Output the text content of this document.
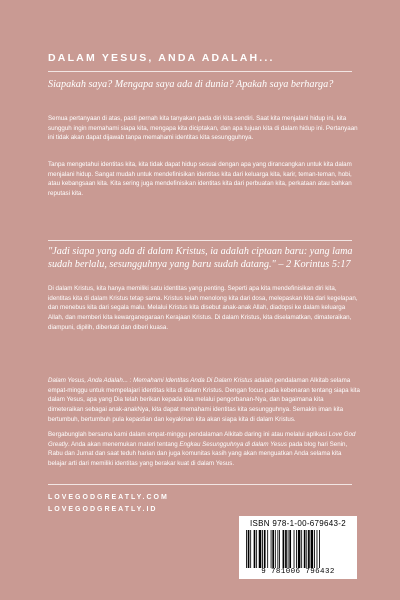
DALAM YESUS, ANDA ADALAH...
Siapakah saya? Mengapa saya ada di dunia? Apakah saya berharga?

Semua pertanyaan di atas, pasti pernah kita tanyakan pada diri kita sendiri. Saat kita menjalani hidup ini, kita sungguh ingin memahami siapa kita, mengapa kita diciptakan, dan apa tujuan kita di dalam hidup ini. Pertanyaan ini tidak akan dapat dijawab tanpa memahami identitas kita sesungguhnya.

Tanpa mengetahui identitas kita, kita tidak dapat hidup sesuai dengan apa yang dirancangkan untuk kita dalam menjalani hidup. Sangat mudah untuk mendefinisikan identitas kita dari keluarga kita, karir, teman-teman, hobi, atau kebangsaan kita. Kita sering juga mendefinisikan identitas kita dari perbuatan kita, perkataan atau bahkan reputasi kita.

"Jadi siapa yang ada di dalam Kristus, ia adalah ciptaan baru: yang lama sudah berlalu, sesungguhnya yang baru sudah datang." – 2 Korintus 5:17

Di dalam Kristus, kita hanya memiliki satu identitas yang penting. Seperti apa kita mendefinisikan diri kita, identitas kita di dalam Kristus tetap sama. Kristus telah menolong kita dari dosa, melepaskan kita dari kegelapan, dan menebus kita dari segala malu. Melalui Kristus kita disebut anak-anak Allah, diadopsi ke dalam keluarga Allah, dan memberi kita kewarganegaraan Kerajaan Kristus. Di dalam Kristus, kita diselamatkan, dimateraikan, diampuni, dipilih, diberkati dan diberi kuasa.

Dalam Yesus, Anda Adalah... : Memahami Identitas Anda Di Dalam Kristus adalah pendalaman Alkitab selama empat-minggu untuk mempelajari identitas kita di dalam Kristus. Dengan focus pada kebenaran tentang siapa kita dalam Yesus, apa yang Dia telah berikan kepada kita melalui pengorbanan-Nya, dan bagaimana kita dimeteraikan sebagai anak-anakNya, kita dapat memahami identitas kita sesungguhnya. Semakin iman kita bertumbuh, bertumbuh pula kepastian dan keyakinan kita akan siapa kita di dalam Kristus.

Bergabunglah bersama kami dalam empat-minggu pendalaman Alkitab daring ini atau melalui aplikasi Love God Greatly. Anda akan menemukan materi tentang Engkau Sesungguhnya di dalam Yesus pada blog hari Senin, Rabu dan Jumat dan saat teduh harian dan juga komunitas kasih yang akan menguatkan Anda selama kita belajar arti dari memiliki identitas yang berakar kuat di dalam Yesus.

LOVEGODGREATLY.COM
LOVEGODGREATLY.ID
ISBN 978-1-00-679643-2
9 781006 796432
